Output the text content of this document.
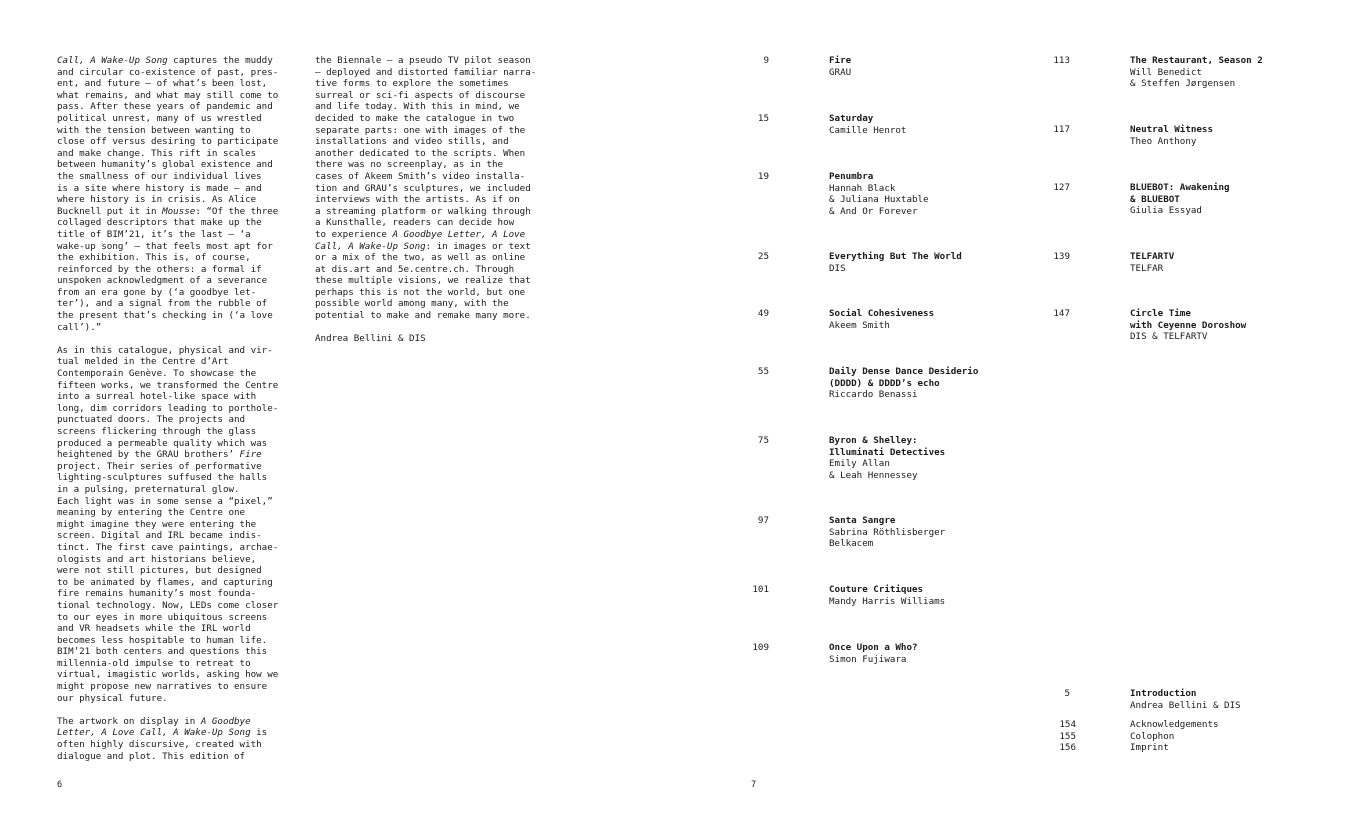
Call, A Wake-Up Song captures the muddy
and circular co-existence of past, pres-
ent, and future — of what’s been lost,
what remains, and what may still come to
pass. After these years of pandemic and
political unrest, many of us wrestled
with the tension between wanting to
close off versus desiring to participate
and make change. This rift in scales
between humanity’s global existence and
the smallness of our individual lives
is a site where history is made — and
where history is in crisis. As Alice
Bucknell put it in Mousse: “Of the three
collaged descriptors that make up the
title of BIM’21, it’s the last — ‘a
wake-up song’ — that feels most apt for
the exhibition. This is, of course,
reinforced by the others: a formal if
unspoken acknowledgment of a severance
from an era gone by (‘a goodbye let-
ter’), and a signal from the rubble of
the present that’s checking in (‘a love
call’).”
As in this catalogue, physical and vir-
tual melded in the Centre d’Art
Contemporain Genève. To showcase the
fifteen works, we transformed the Centre
into a surreal hotel-like space with
long, dim corridors leading to porthole-
punctuated doors. The projects and
screens flickering through the glass
produced a permeable quality which was
heightened by the GRAU brothers’ Fire
project. Their series of performative
lighting-sculptures suffused the halls
in a pulsing, preternatural glow.
Each light was in some sense a “pixel,”
meaning by entering the Centre one
might imagine they were entering the
screen. Digital and IRL became indis-
tinct. The first cave paintings, archae-
ologists and art historians believe,
were not still pictures, but designed
to be animated by flames, and capturing
fire remains humanity’s most founda-
tional technology. Now, LEDs come closer
to our eyes in more ubiquitous screens
and VR headsets while the IRL world
becomes less hospitable to human life.
BIM’21 both centers and questions this
millennia-old impulse to retreat to
virtual, imagistic worlds, asking how we
might propose new narratives to ensure
our physical future.
The artwork on display in A Goodbye
Letter, A Love Call, A Wake-Up Song is
often highly discursive, created with
dialogue and plot. This edition of
the Biennale — a pseudo TV pilot season
— deployed and distorted familiar narra-
tive forms to explore the sometimes
surreal or sci-fi aspects of discourse
and life today. With this in mind, we
decided to make the catalogue in two
separate parts: one with images of the
installations and video stills, and
another dedicated to the scripts. When
there was no screenplay, as in the
cases of Akeem Smith’s video installa-
tion and GRAU’s sculptures, we included
interviews with the artists. As if on
a streaming platform or walking through
a Kunsthalle, readers can decide how
to experience A Goodbye Letter, A Love
Call, A Wake-Up Song: in images or text
or a mix of the two, as well as online
at dis.art and 5e.centre.ch. Through
these multiple visions, we realize that
perhaps this is not the world, but one
possible world among many, with the
potential to make and remake many more.
Andrea Bellini & DIS
6
9	Fire
GRAU
15	Saturday
Camille Henrot
19	Penumbra
Hannah Black
& Juliana Huxtable
& And Or Forever
25	Everything But The World
DIS
49	Social Cohesiveness
Akeem Smith
55	Daily Dense Dance Desiderio
(DDDD) & DDDD’s echo
Riccardo Benassi
75	Byron & Shelley:
Illuminati Detectives
Emily Allan
& Leah Hennessey
97	Santa Sangre
Sabrina Röthlisberger
Belkacem
101	Couture Critiques
Mandy Harris Williams
109	Once Upon a Who?
Simon Fujiwara
113	The Restaurant, Season 2
Will Benedict
& Steffen Jørgensen
117	Neutral Witness
Theo Anthony
127	BLUEBOT: Awakening
& BLUEBOT
Giulia Essyad
139	TELFARTV
TELFAR
147	Circle Time
with Ceyenne Doroshow
DIS & TELFARTV
5	Introduction
Andrea Bellini & DIS
154	Acknowledgements
155	Colophon
156	Imprint
7
